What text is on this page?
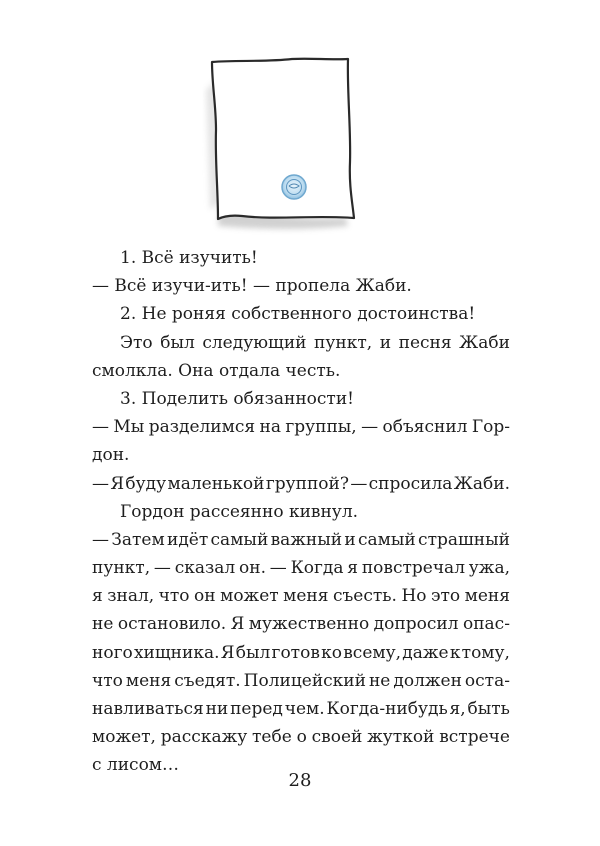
1. Всё изучить!
— Всё изучи-ить! — пропела Жаби.
2. Не роняя собственного достоинства!
Это был следующий пункт, и песня Жаби
смолкла. Она отдала честь.
3. Поделить обязанности!
— Мы разделимся на группы, — объяснил Гор-
дон.
— Я буду маленькой группой? — спросила Жаби.
Гордон рассеянно кивнул.
— Затем идёт самый важный и самый страшный
пункт, — сказал он. — Когда я повстречал ужа,
я знал, что он может меня съесть. Но это меня
не остановило. Я мужественно допросил опас-
ного хищника. Я был готов ко всему, даже к тому,
что меня съедят. Полицейский не должен оста-
навливаться ни перед чем. Когда-нибудь я, быть
может, расскажу тебе о своей жуткой встрече
с лисом…
28
